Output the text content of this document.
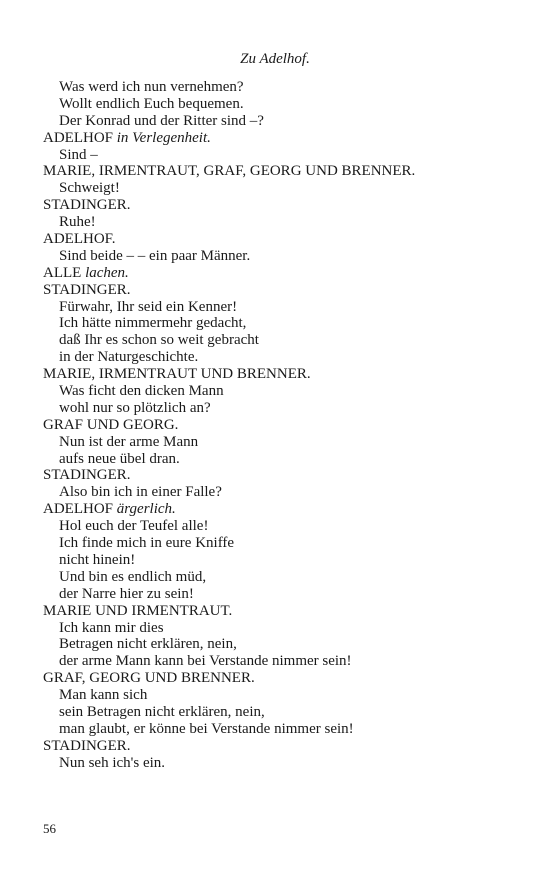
Zu Adelhof.
Was werd ich nun vernehmen?
Wollt endlich Euch bequemen.
Der Konrad und der Ritter sind –?
ADELHOF in Verlegenheit.
Sind –
MARIE, IRMENTRAUT, GRAF, GEORG UND BRENNER.
Schweigt!
STADINGER.
Ruhe!
ADELHOF.
Sind beide – – ein paar Männer.
ALLE lachen.
STADINGER.
Fürwahr, Ihr seid ein Kenner!
Ich hätte nimmermehr gedacht,
daß Ihr es schon so weit gebracht
in der Naturgeschichte.
MARIE, IRMENTRAUT UND BRENNER.
Was ficht den dicken Mann
wohl nur so plötzlich an?
GRAF UND GEORG.
Nun ist der arme Mann
aufs neue übel dran.
STADINGER.
Also bin ich in einer Falle?
ADELHOF ärgerlich.
Hol euch der Teufel alle!
Ich finde mich in eure Kniffe
nicht hinein!
Und bin es endlich müd,
der Narre hier zu sein!
MARIE UND IRMENTRAUT.
Ich kann mir dies
Betragen nicht erklären, nein,
der arme Mann kann bei Verstande nimmer sein!
GRAF, GEORG UND BRENNER.
Man kann sich
sein Betragen nicht erklären, nein,
man glaubt, er könne bei Verstande nimmer sein!
STADINGER.
Nun seh ich's ein.
56
